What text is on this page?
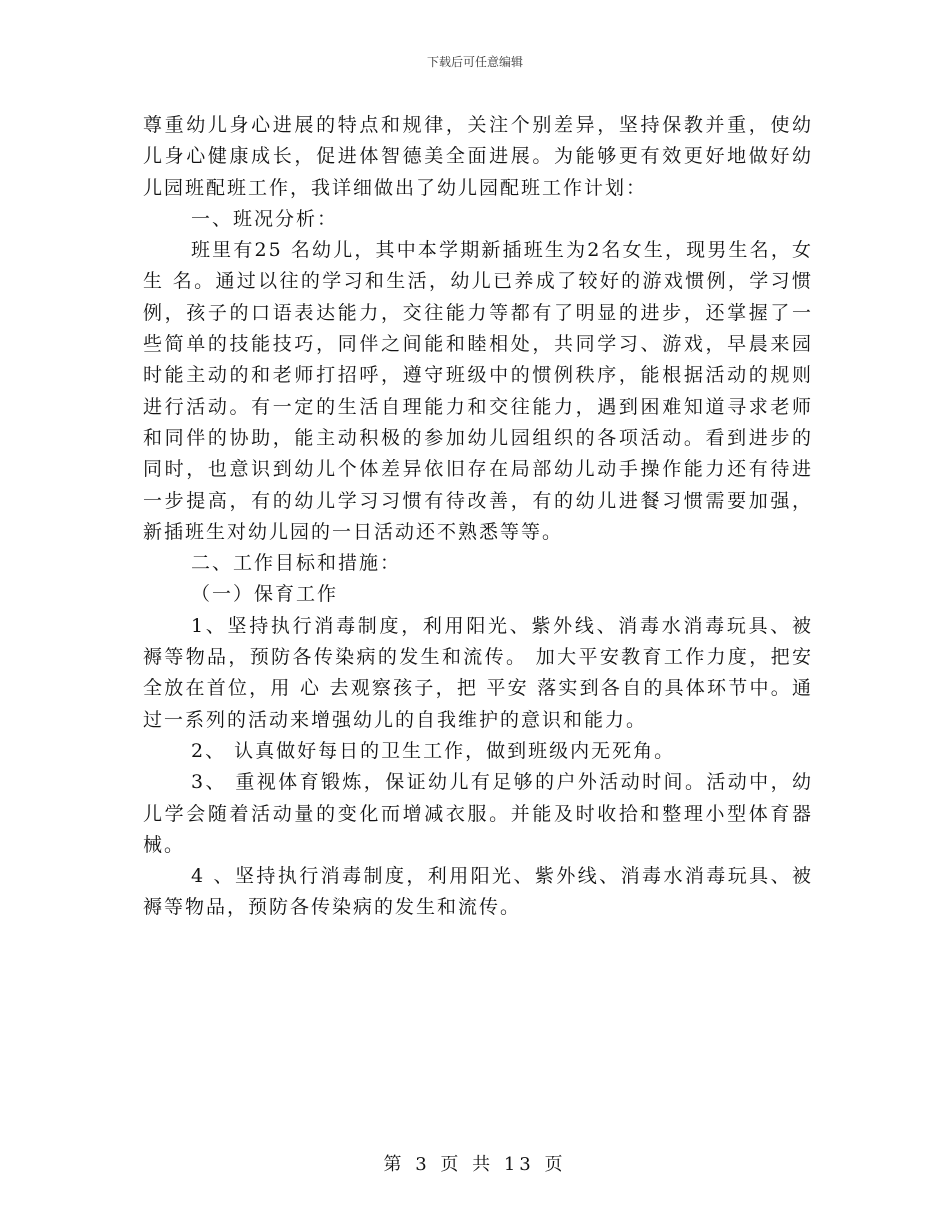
下载后可任意编辑

尊重幼儿身心进展的特点和规律，关注个别差异，坚持保教并重，使幼儿身心健康成长，促进体智德美全面进展。为能够更有效更好地做好幼儿园班配班工作，我详细做出了幼儿园配班工作计划：

一、班况分析：

班里有25 名幼儿，其中本学期新插班生为2名女生，现男生名，女生 名。通过以往的学习和生活，幼儿已养成了较好的游戏惯例，学习惯例，孩子的口语表达能力，交往能力等都有了明显的进步，还掌握了一些简单的技能技巧，同伴之间能和睦相处，共同学习、游戏，早晨来园时能主动的和老师打招呼，遵守班级中的惯例秩序，能根据活动的规则进行活动。有一定的生活自理能力和交往能力，遇到困难知道寻求老师和同伴的协助，能主动积极的参加幼儿园组织的各项活动。看到进步的同时，也意识到幼儿个体差异依旧存在局部幼儿动手操作能力还有待进一步提高，有的幼儿学习习惯有待改善，有的幼儿进餐习惯需要加强，新插班生对幼儿园的一日活动还不熟悉等等。

二、工作目标和措施：

（一）保育工作

1、坚持执行消毒制度，利用阳光、紫外线、消毒水消毒玩具、被褥等物品，预防各传染病的发生和流传。 加大平安教育工作力度，把安全放在首位，用 心 去观察孩子，把 平安 落实到各自的具体环节中。通过一系列的活动来增强幼儿的自我维护的意识和能力。

2、 认真做好每日的卫生工作，做到班级内无死角。

3、 重视体育锻炼，保证幼儿有足够的户外活动时间。活动中，幼儿学会随着活动量的变化而增减衣服。并能及时收拾和整理小型体育器械。

4 、坚持执行消毒制度，利用阳光、紫外线、消毒水消毒玩具、被褥等物品，预防各传染病的发生和流传。

第 3 页 共 13 页
